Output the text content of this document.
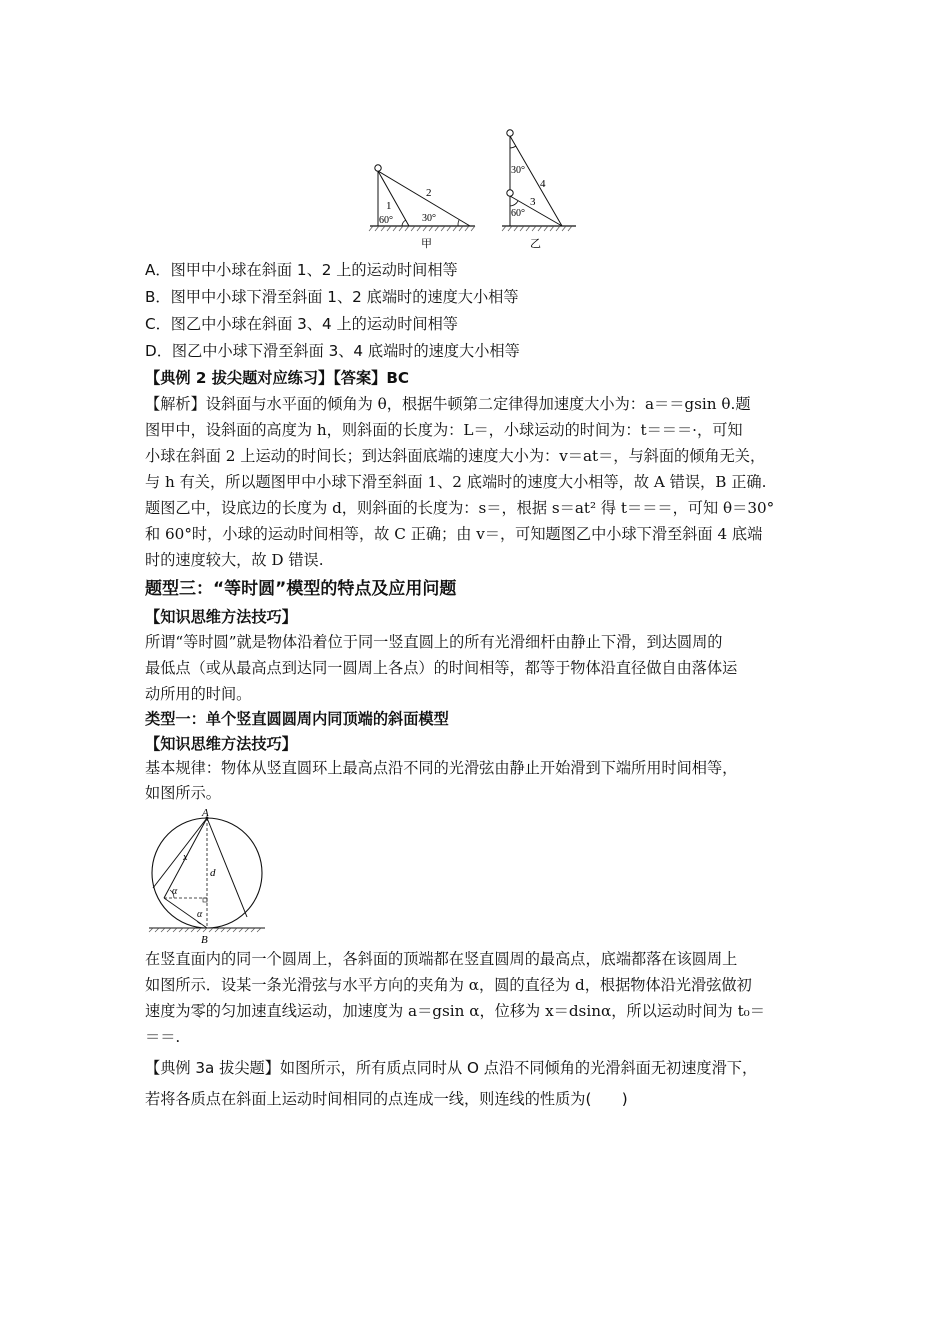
1
2
60°	30°
甲
30°
4
3
60°
乙
A．图甲中小球在斜面 1、2 上的运动时间相等
B．图甲中小球下滑至斜面 1、2 底端时的速度大小相等
C．图乙中小球在斜面 3、4 上的运动时间相等
D．图乙中小球下滑至斜面 3、4 底端时的速度大小相等
【典例 2 拔尖题对应练习】【答案】BC
【解析】设斜面与水平面的倾角为 θ，根据牛顿第二定律得加速度大小为：a＝＝gsin θ.题
图甲中，设斜面的高度为 h，则斜面的长度为：L＝，小球运动的时间为：t＝＝＝·，可知
小球在斜面 2 上运动的时间长；到达斜面底端的速度大小为：v＝at＝，与斜面的倾角无关，
与 h 有关，所以题图甲中小球下滑至斜面 1、2 底端时的速度大小相等，故 A 错误，B 正确.
题图乙中，设底边的长度为 d，则斜面的长度为：s＝，根据 s＝at² 得 t＝＝＝，可知 θ＝30°
和 60°时，小球的运动时间相等，故 C 正确；由 v＝，可知题图乙中小球下滑至斜面 4 底端
时的速度较大，故 D 错误.
题型三：“等时圆”模型的特点及应用问题
【知识思维方法技巧】
所谓“等时圆”就是物体沿着位于同一竖直圆上的所有光滑细杆由静止下滑，到达圆周的
最低点（或从最高点到达同一圆周上各点）的时间相等，都等于物体沿直径做自由落体运
动所用的时间。
类型一：单个竖直圆圆周内同顶端的斜面模型
【知识思维方法技巧】
基本规律：物体从竖直圆环上最高点沿不同的光滑弦由静止开始滑到下端所用时间相等，
如图所示。
A
x
d
α
α
B
在竖直面内的同一个圆周上，各斜面的顶端都在竖直圆周的最高点，底端都落在该圆周上
如图所示．设某一条光滑弦与水平方向的夹角为 α，圆的直径为 d，根据物体沿光滑弦做初
速度为零的匀加速直线运动，加速度为 a＝gsin α，位移为 x＝dsinα，所以运动时间为 t₀＝
＝＝.
【典例 3a 拔尖题】如图所示，所有质点同时从 O 点沿不同倾角的光滑斜面无初速度滑下，
若将各质点在斜面上运动时间相同的点连成一线，则连线的性质为(　　)
